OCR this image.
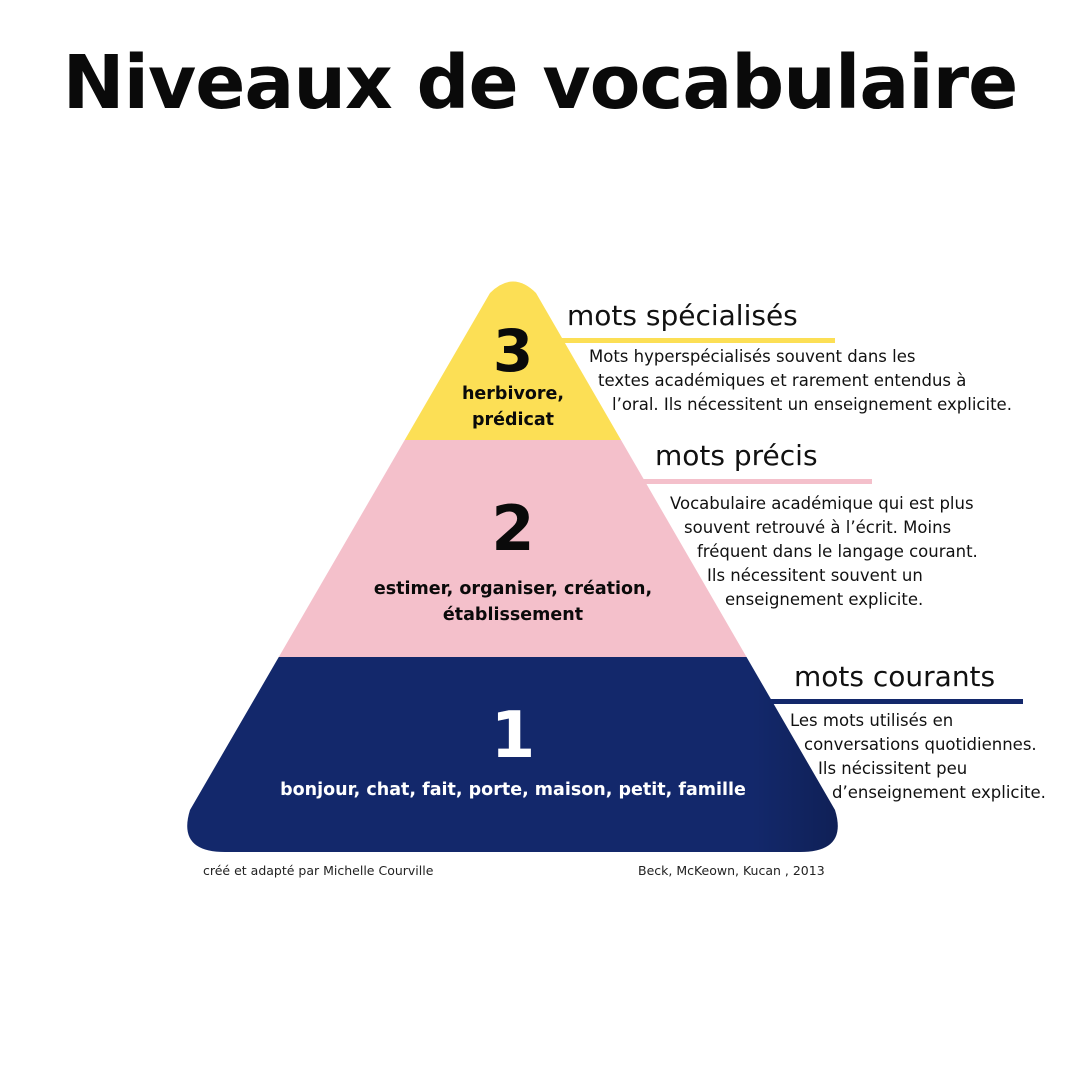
Niveaux de vocabulaire
3
herbivore,
prédicat
2
estimer, organiser, création,
établissement
1
bonjour, chat, fait, porte, maison, petit, famille
mots spécialisés
Mots hyperspécialisés souvent dans les
textes académiques et rarement entendus à
l’oral. Ils nécessitent un enseignement explicite.
mots précis
Vocabulaire académique qui est plus
souvent retrouvé à l’écrit. Moins
fréquent dans le langage courant.
Ils nécessitent souvent un
enseignement explicite.
mots courants
Les mots utilisés en
conversations quotidiennes.
Ils nécissitent peu
d’enseignement explicite.
créé et adapté par Michelle Courville	Beck, McKeown, Kucan , 2013
